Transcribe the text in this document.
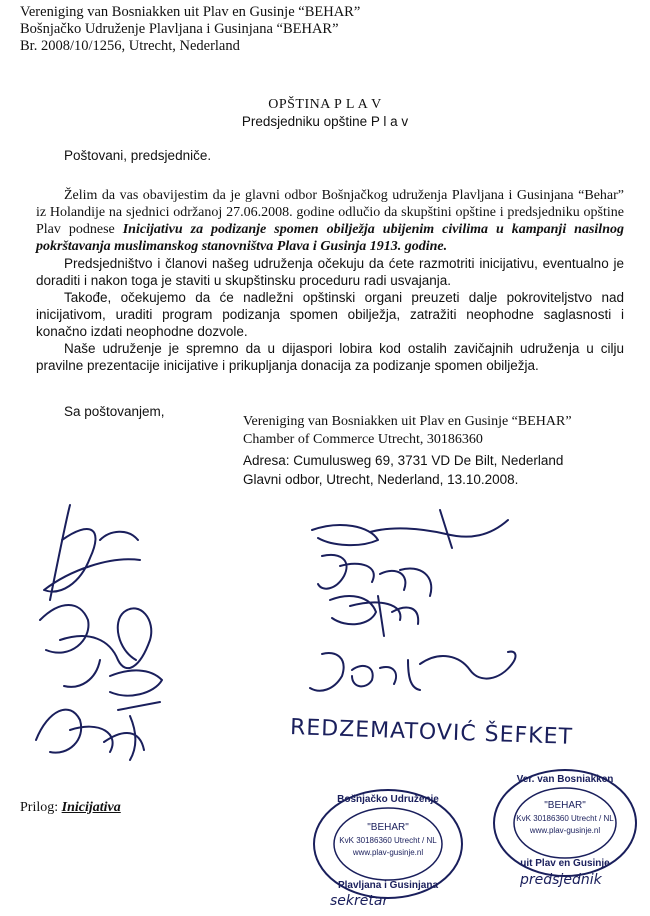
Vereniging van Bosniakken uit Plav en Gusinje “BEHAR”
Bošnjačko Udruženje Plavljana i Gusinjana “BEHAR”
Br. 2008/10/1256, Utrecht, Nederland
OPŠTINA P L A V
Predsjedniku opštine P l a v
Poštovani, predsjedniče.

Želim da vas obavijestim da je glavni odbor Bošnjačkog udruženja Plavljana i Gusinjana “Behar” iz Holandije na sjednici održanoj 27.06.2008. godine odlučio da skupštini opštine i predsjedniku opštine Plav podnese Inicijativu za podizanje spomen obilježja ubijenim civilima u kampanji nasilnog pokrštavanja muslimanskog stanovništva Plava i Gusinja 1913. godine.

Predsjedništvo i članovi našeg udruženja očekuju da ćete razmotriti inicijativu, eventualno je doraditi i nakon toga je staviti u skupštinsku proceduru radi usvajanja.

Takođe, očekujemo da će nadležni opštinski organi preuzeti dalje pokroviteljstvo nad inicijativom, uraditi program podizanja spomen obilježja, zatražiti neophodne saglasnosti i konačno izdati neophodne dozvole.

Naše udruženje je spremno da u dijaspori lobira kod ostalih zavičajnih udruženja u cilju pravilne prezentacije inicijative i prikupljanja donacija za podizanje spomen obilježja.

Sa poštovanjem,
Vereniging van Bosniakken uit Plav en Gusinje “BEHAR”
Chamber of Commerce Utrecht, 30186360
Adresa: Cumulusweg 69, 3731 VD De Bilt, Nederland
Glavni odbor, Utrecht, Nederland, 13.10.2008.
REDZEMATOVIĆ ŠEFKET
Prilog: Inicijativa
Bošnjačko Udruženje
"BEHAR"
KvK 30186360 Utrecht / NL
www.plav-gusinje.nl
Plavljana i Gusinjana
Ver. van Bosniakken
"BEHAR"
KvK 30186360 Utrecht / NL
www.plav-gusinje.nl
uit Plav en Gusinje
sekretar
predsjednik
